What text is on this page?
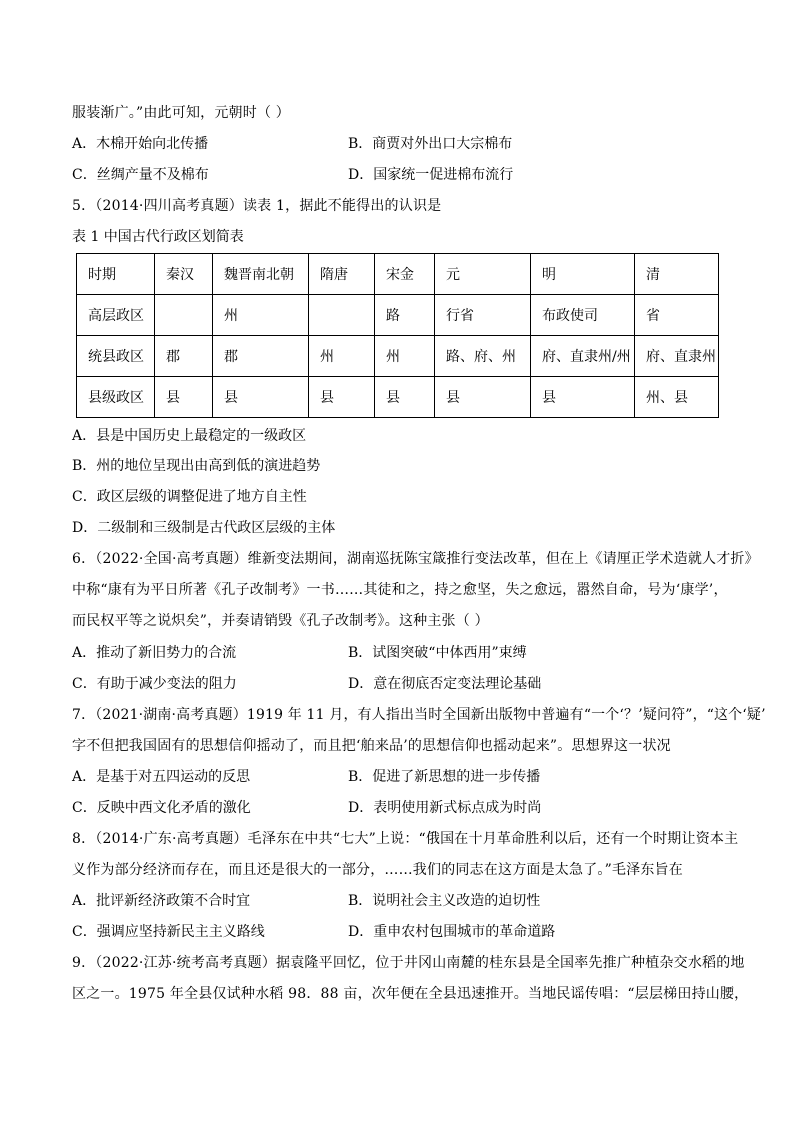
服装渐广。”由此可知，元朝时（ ）
A．木棉开始向北传播	B．商贾对外出口大宗棉布
C．丝绸产量不及棉布	D．国家统一促进棉布流行
5．（2014·四川高考真题）读表 1，据此不能得出的认识是
表 1 中国古代行政区划简表
时期	秦汉	魏晋南北朝	隋唐	宋金	元	明	清
高层政区		州		路	行省	布政使司	省
统县政区	郡	郡	州	州	路、府、州	府、直隶州/州	府、直隶州
县级政区	县	县	县	县	县	县	州、县
A．县是中国历史上最稳定的一级政区
B．州的地位呈现出由高到低的演进趋势
C．政区层级的调整促进了地方自主性
D．二级制和三级制是古代政区层级的主体
6．（2022·全国·高考真题）维新变法期间，湖南巡抚陈宝箴推行变法改革，但在上《请厘正学术造就人才折》
中称“康有为平日所著《孔子改制考》一书……其徒和之，持之愈坚，失之愈远，嚣然自命，号为‘康学’，
而民权平等之说炽矣”，并奏请销毁《孔子改制考》。这种主张（ ）
A．推动了新旧势力的合流	B．试图突破“中体西用”束缚
C．有助于减少变法的阻力	D．意在彻底否定变法理论基础
7．（2021·湖南·高考真题）1919 年 11 月，有人指出当时全国新出版物中普遍有“一个‘？’疑问符”，“这个‘疑’
字不但把我国固有的思想信仰摇动了，而且把‘舶来品’的思想信仰也摇动起来”。思想界这一状况
A．是基于对五四运动的反思	B．促进了新思想的进一步传播
C．反映中西文化矛盾的激化	D．表明使用新式标点成为时尚
8．（2014·广东·高考真题）毛泽东在中共“七大”上说：“俄国在十月革命胜利以后，还有一个时期让资本主
义作为部分经济而存在，而且还是很大的一部分，……我们的同志在这方面是太急了。”毛泽东旨在
A．批评新经济政策不合时宜	B．说明社会主义改造的迫切性
C．强调应坚持新民主主义路线	D．重申农村包围城市的革命道路
9．（2022·江苏·统考高考真题）据袁隆平回忆，位于井冈山南麓的桂东县是全国率先推广种植杂交水稻的地
区之一。1975 年全县仅试种水稻 98．88 亩，次年便在全县迅速推开。当地民谣传唱：“层层梯田持山腰，
